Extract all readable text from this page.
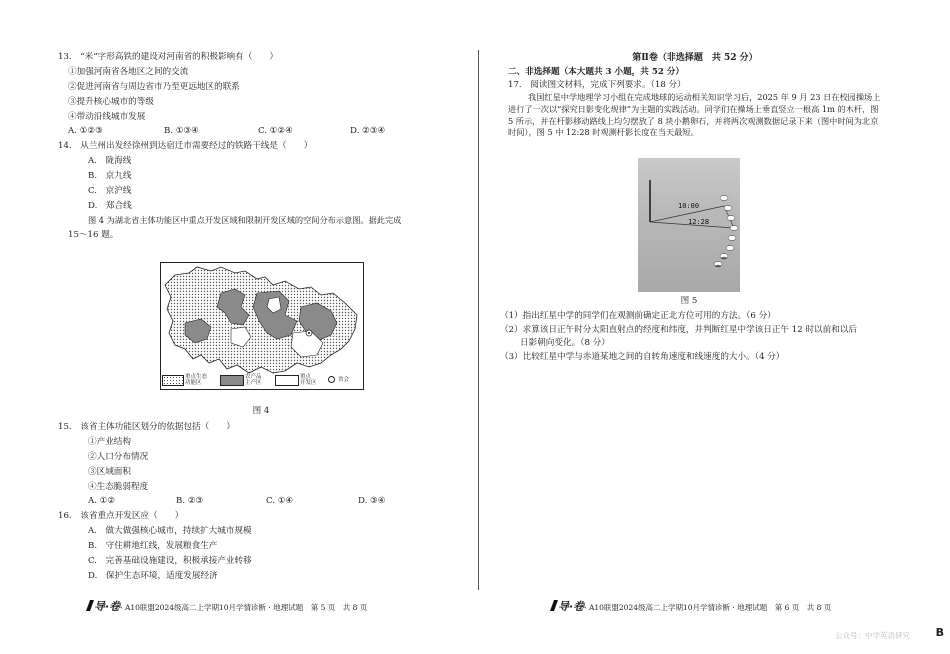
13.　“米”字形高铁的建设对河南省的积极影响有（　　）
①加强河南省各地区之间的交流
②促进河南省与周边省市乃至更远地区的联系
③提升核心城市的等级
④带动沿线城市发展
A. ①②③	B. ①③④	C. ①②④	D. ②③④
14.　从兰州出发经徐州到达宿迁市需要经过的铁路干线是（　　）
A.　陇海线
B.　京九线
C.　京沪线
D.　郑合线
图 4 为湖北省主体功能区中重点开发区域和限制开发区域的空间分布示意图。据此完成
15～16 题。
重点生态
功能区
农产品
主产区
重点
开发区	省会
图 4
15.　该省主体功能区划分的依据包括（　　）
①产业结构
②人口分布情况
③区域面积
④生态脆弱程度
A. ①②	B. ②③	C. ①④	D. ③④
16.　该省重点开发区应（　　）
A.　做大做强核心城市，持续扩大城市规模
B.　守住耕地红线，发展粮食生产
C.　完善基础设施建设，积极承接产业转移
D.　保护生态环境，适度发展经济
导·卷· A10联盟2024级高二上学期10月学情诊断 · 地理试题　第 5 页　共 8 页
第Ⅱ卷（非选择题　共 52 分）
二、非选择题（本大题共 3 小题，共 52 分）
17.　阅读图文材料，完成下列要求。（18 分）
我国红星中学地理学习小组在完成地球的运动相关知识学习后，2025 年 9 月 23 日在校园操场上进行了一次以“探究日影变化规律”为主题的实践活动。同学们在操场上垂直竖立一根高 1m 的木杆，图 5 所示，并在杆影移动路线上均匀摆放了 8 块小鹅卵石，并将两次观测数据记录下来（图中时间为北京时间），图 5 中 12:28 时观测杆影长度在当天最短。
10:00
12:28
图 5
（1）指出红星中学的同学们在观测前确定正北方位可用的方法。（6 分）
（2）求算该日正午时分太阳直射点的经度和纬度，并判断红星中学该日正午 12 时以前和以后
日影朝向变化。（8 分）
（3）比较红星中学与赤道某地之间的自转角速度和线速度的大小。（4 分）
导·卷· A10联盟2024级高二上学期10月学情诊断 · 地理试题　第 6 页　共 8 页
公众号：中学英语研究 B
